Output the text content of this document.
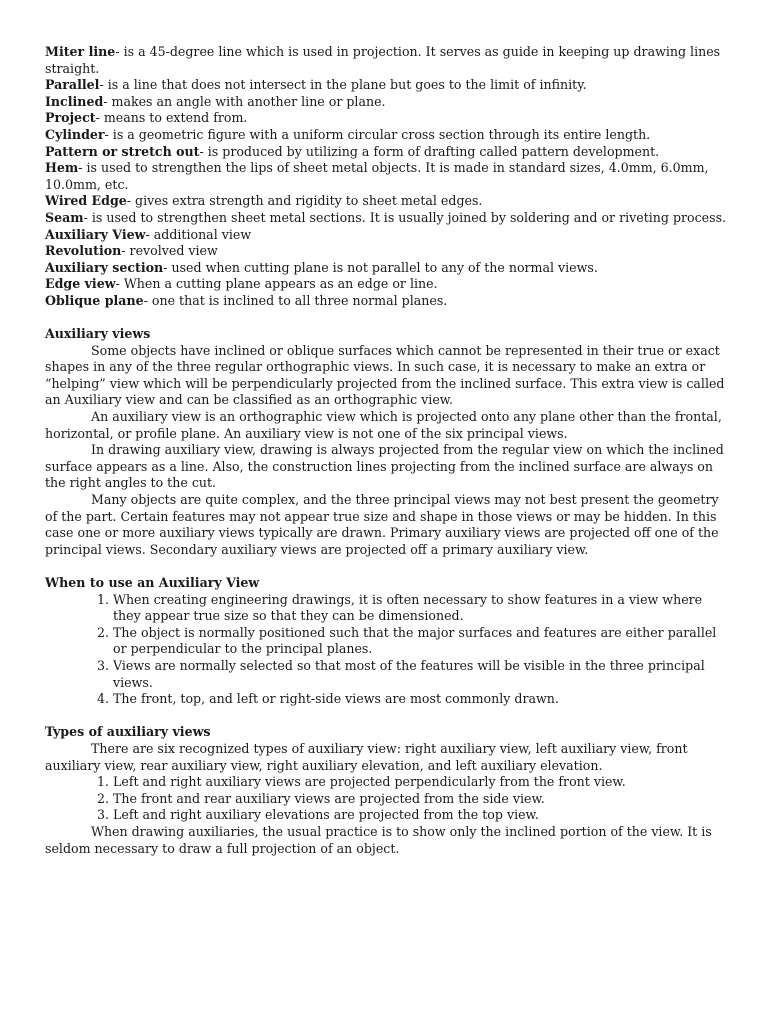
Miter line- is a 45-degree line which is used in projection. It serves as guide in keeping up drawing lines straight.

Parallel- is a line that does not intersect in the plane but goes to the limit of infinity.

Inclined- makes an angle with another line or plane.

Project- means to extend from.

Cylinder- is a geometric figure with a uniform circular cross section through its entire length.

Pattern or stretch out- is produced by utilizing a form of drafting called pattern development.

Hem- is used to strengthen the lips of sheet metal objects. It is made in standard sizes, 4.0mm, 6.0mm, 10.0mm, etc.

Wired Edge- gives extra strength and rigidity to sheet metal edges.

Seam- is used to strengthen sheet metal sections. It is usually joined by soldering and or riveting process.

Auxiliary View- additional view

Revolution- revolved view

Auxiliary section- used when cutting plane is not parallel to any of the normal views.

Edge view- When a cutting plane appears as an edge or line.

Oblique plane- one that is inclined to all three normal planes.

Auxiliary views

Some objects have inclined or oblique surfaces which cannot be represented in their true or exact shapes in any of the three regular orthographic views. In such case, it is necessary to make an extra or “helping” view which will be perpendicularly projected from the inclined surface. This extra view is called an Auxiliary view and can be classified as an orthographic view.

An auxiliary view is an orthographic view which is projected onto any plane other than the frontal, horizontal, or profile plane. An auxiliary view is not one of the six principal views.

In drawing auxiliary view, drawing is always projected from the regular view on which the inclined surface appears as a line. Also, the construction lines projecting from the inclined surface are always on the right angles to the cut.

Many objects are quite complex, and the three principal views may not best present the geometry of the part. Certain features may not appear true size and shape in those views or may be hidden. In this case one or more auxiliary views typically are drawn. Primary auxiliary views are projected off one of the principal views. Secondary auxiliary views are projected off a primary auxiliary view.

When to use an Auxiliary View
1. When creating engineering drawings, it is often necessary to show features in a view where they appear true size so that they can be dimensioned.
2. The object is normally positioned such that the major surfaces and features are either parallel or perpendicular to the principal planes.
3. Views are normally selected so that most of the features will be visible in the three principal views.
4. The front, top, and left or right-side views are most commonly drawn.
Types of auxiliary views

There are six recognized types of auxiliary view: right auxiliary view, left auxiliary view, front auxiliary view, rear auxiliary view, right auxiliary elevation, and left auxiliary elevation.

1. Left and right auxiliary views are projected perpendicularly from the front view.
2. The front and rear auxiliary views are projected from the side view.
3. Left and right auxiliary elevations are projected from the top view.

When drawing auxiliaries, the usual practice is to show only the inclined portion of the view. It is seldom necessary to draw a full projection of an object.
